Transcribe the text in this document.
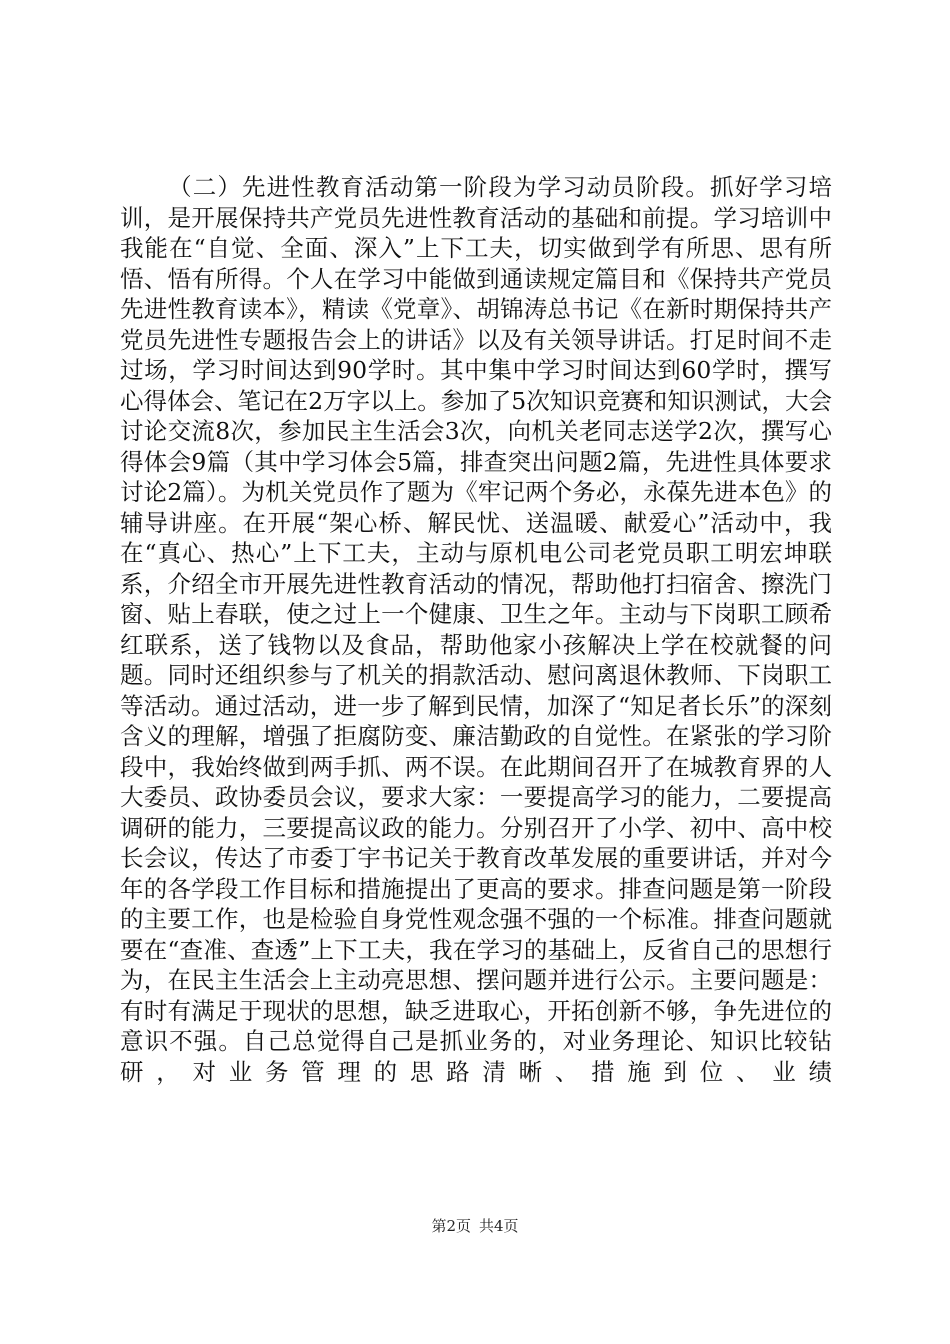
（二）先进性教育活动第一阶段为学习动员阶段。抓好学习培训，是开展保持共产党员先进性教育活动的基础和前提。学习培训中我能在“自觉、全面、深入”上下工夫，切实做到学有所思、思有所悟、悟有所得。个人在学习中能做到通读规定篇目和《保持共产党员先进性教育读本》，精读《党章》、胡锦涛总书记《在新时期保持共产党员先进性专题报告会上的讲话》以及有关领导讲话。打足时间不走过场，学习时间达到90学时。其中集中学习时间达到60学时，撰写心得体会、笔记在2万字以上。参加了5次知识竞赛和知识测试，大会讨论交流8次，参加民主生活会3次，向机关老同志送学2次，撰写心得体会9篇（其中学习体会5篇，排查突出问题2篇，先进性具体要求讨论2篇）。为机关党员作了题为《牢记两个务必，永葆先进本色》的辅导讲座。在开展“架心桥、解民忧、送温暖、献爱心”活动中，我在“真心、热心”上下工夫，主动与原机电公司老党员职工明宏坤联系，介绍全市开展先进性教育活动的情况，帮助他打扫宿舍、擦洗门窗、贴上春联，使之过上一个健康、卫生之年。主动与下岗职工顾希红联系，送了钱物以及食品，帮助他家小孩解决上学在校就餐的问题。同时还组织参与了机关的捐款活动、慰问离退休教师、下岗职工等活动。通过活动，进一步了解到民情，加深了“知足者长乐”的深刻含义的理解，增强了拒腐防变、廉洁勤政的自觉性。在紧张的学习阶段中，我始终做到两手抓、两不误。在此期间召开了在城教育界的人大委员、政协委员会议，要求大家：一要提高学习的能力，二要提高调研的能力，三要提高议政的能力。分别召开了小学、初中、高中校长会议，传达了市委丁宇书记关于教育改革发展的重要讲话，并对今年的各学段工作目标和措施提出了更高的要求。排查问题是第一阶段的主要工作，也是检验自身党性观念强不强的一个标准。排查问题就要在“查准、查透”上下工夫，我在学习的基础上，反省自己的思想行为，在民主生活会上主动亮思想、摆问题并进行公示。主要问题是：有时有满足于现状的思想，缺乏进取心，开拓创新不够，争先进位的意识不强。自己总觉得自己是抓业务的，对业务理论、知识比较钻研，对业务管理的思路清晰、措施到位、业绩

第2页 共4页
